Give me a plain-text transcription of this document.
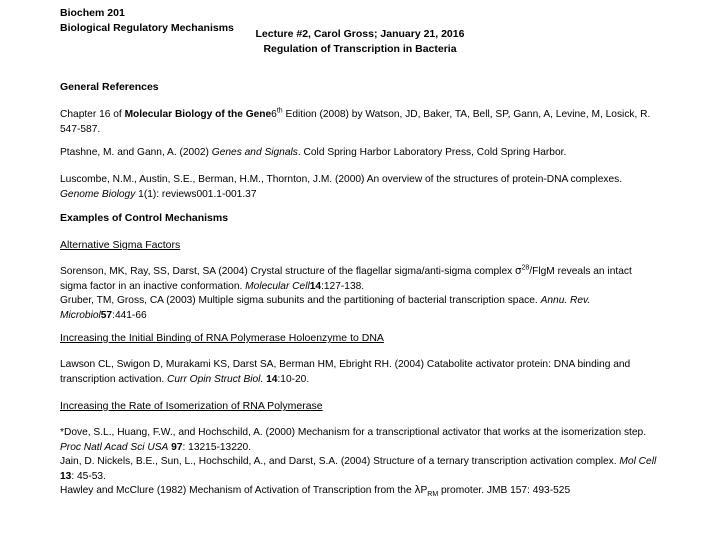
Biochem 201
Biological Regulatory Mechanisms
Lecture #2, Carol Gross; January 21, 2016
Regulation of Transcription in Bacteria
General References
Chapter 16 of Molecular Biology of the Gene6th Edition (2008) by Watson, JD, Baker, TA, Bell, SP, Gann, A, Levine, M, Losick, R. 547-587.
Ptashne, M. and Gann, A. (2002) Genes and Signals. Cold Spring Harbor Laboratory Press, Cold Spring Harbor.
Luscombe, N.M., Austin, S.E., Berman, H.M., Thornton, J.M. (2000) An overview of the structures of protein-DNA complexes. Genome Biology 1(1): reviews001.1-001.37
Examples of Control Mechanisms
Alternative Sigma Factors
Sorenson, MK, Ray, SS, Darst, SA (2004) Crystal structure of the flagellar sigma/anti-sigma complex $\sigma^{28}$/FlgM reveals an intact sigma factor in an inactive conformation. Molecular Cell14:127-138.
Gruber, TM, Gross, CA (2003) Multiple sigma subunits and the partitioning of bacterial transcription space. Annu. Rev. Microbiol57:441-66
Increasing the Initial Binding of RNA Polymerase Holoenzyme to DNA
Lawson CL, Swigon D, Murakami KS, Darst SA, Berman HM, Ebright RH. (2004) Catabolite activator protein: DNA binding and transcription activation. Curr Opin Struct Biol. 14:10-20.
Increasing the Rate of Isomerization of RNA Polymerase
*Dove, S.L., Huang, F.W., and Hochschild, A. (2000) Mechanism for a transcriptional activator that works at the isomerization step. Proc Natl Acad Sci USA 97: 13215-13220.
Jain, D. Nickels, B.E., Sun, L., Hochschild, A., and Darst, S.A. (2004) Structure of a ternary transcription activation complex. Mol Cell 13: 45-53.
Hawley and McClure (1982) Mechanism of Activation of Transcription from the $\lambda P_{RM}$ promoter. JMB 157: 493-525
